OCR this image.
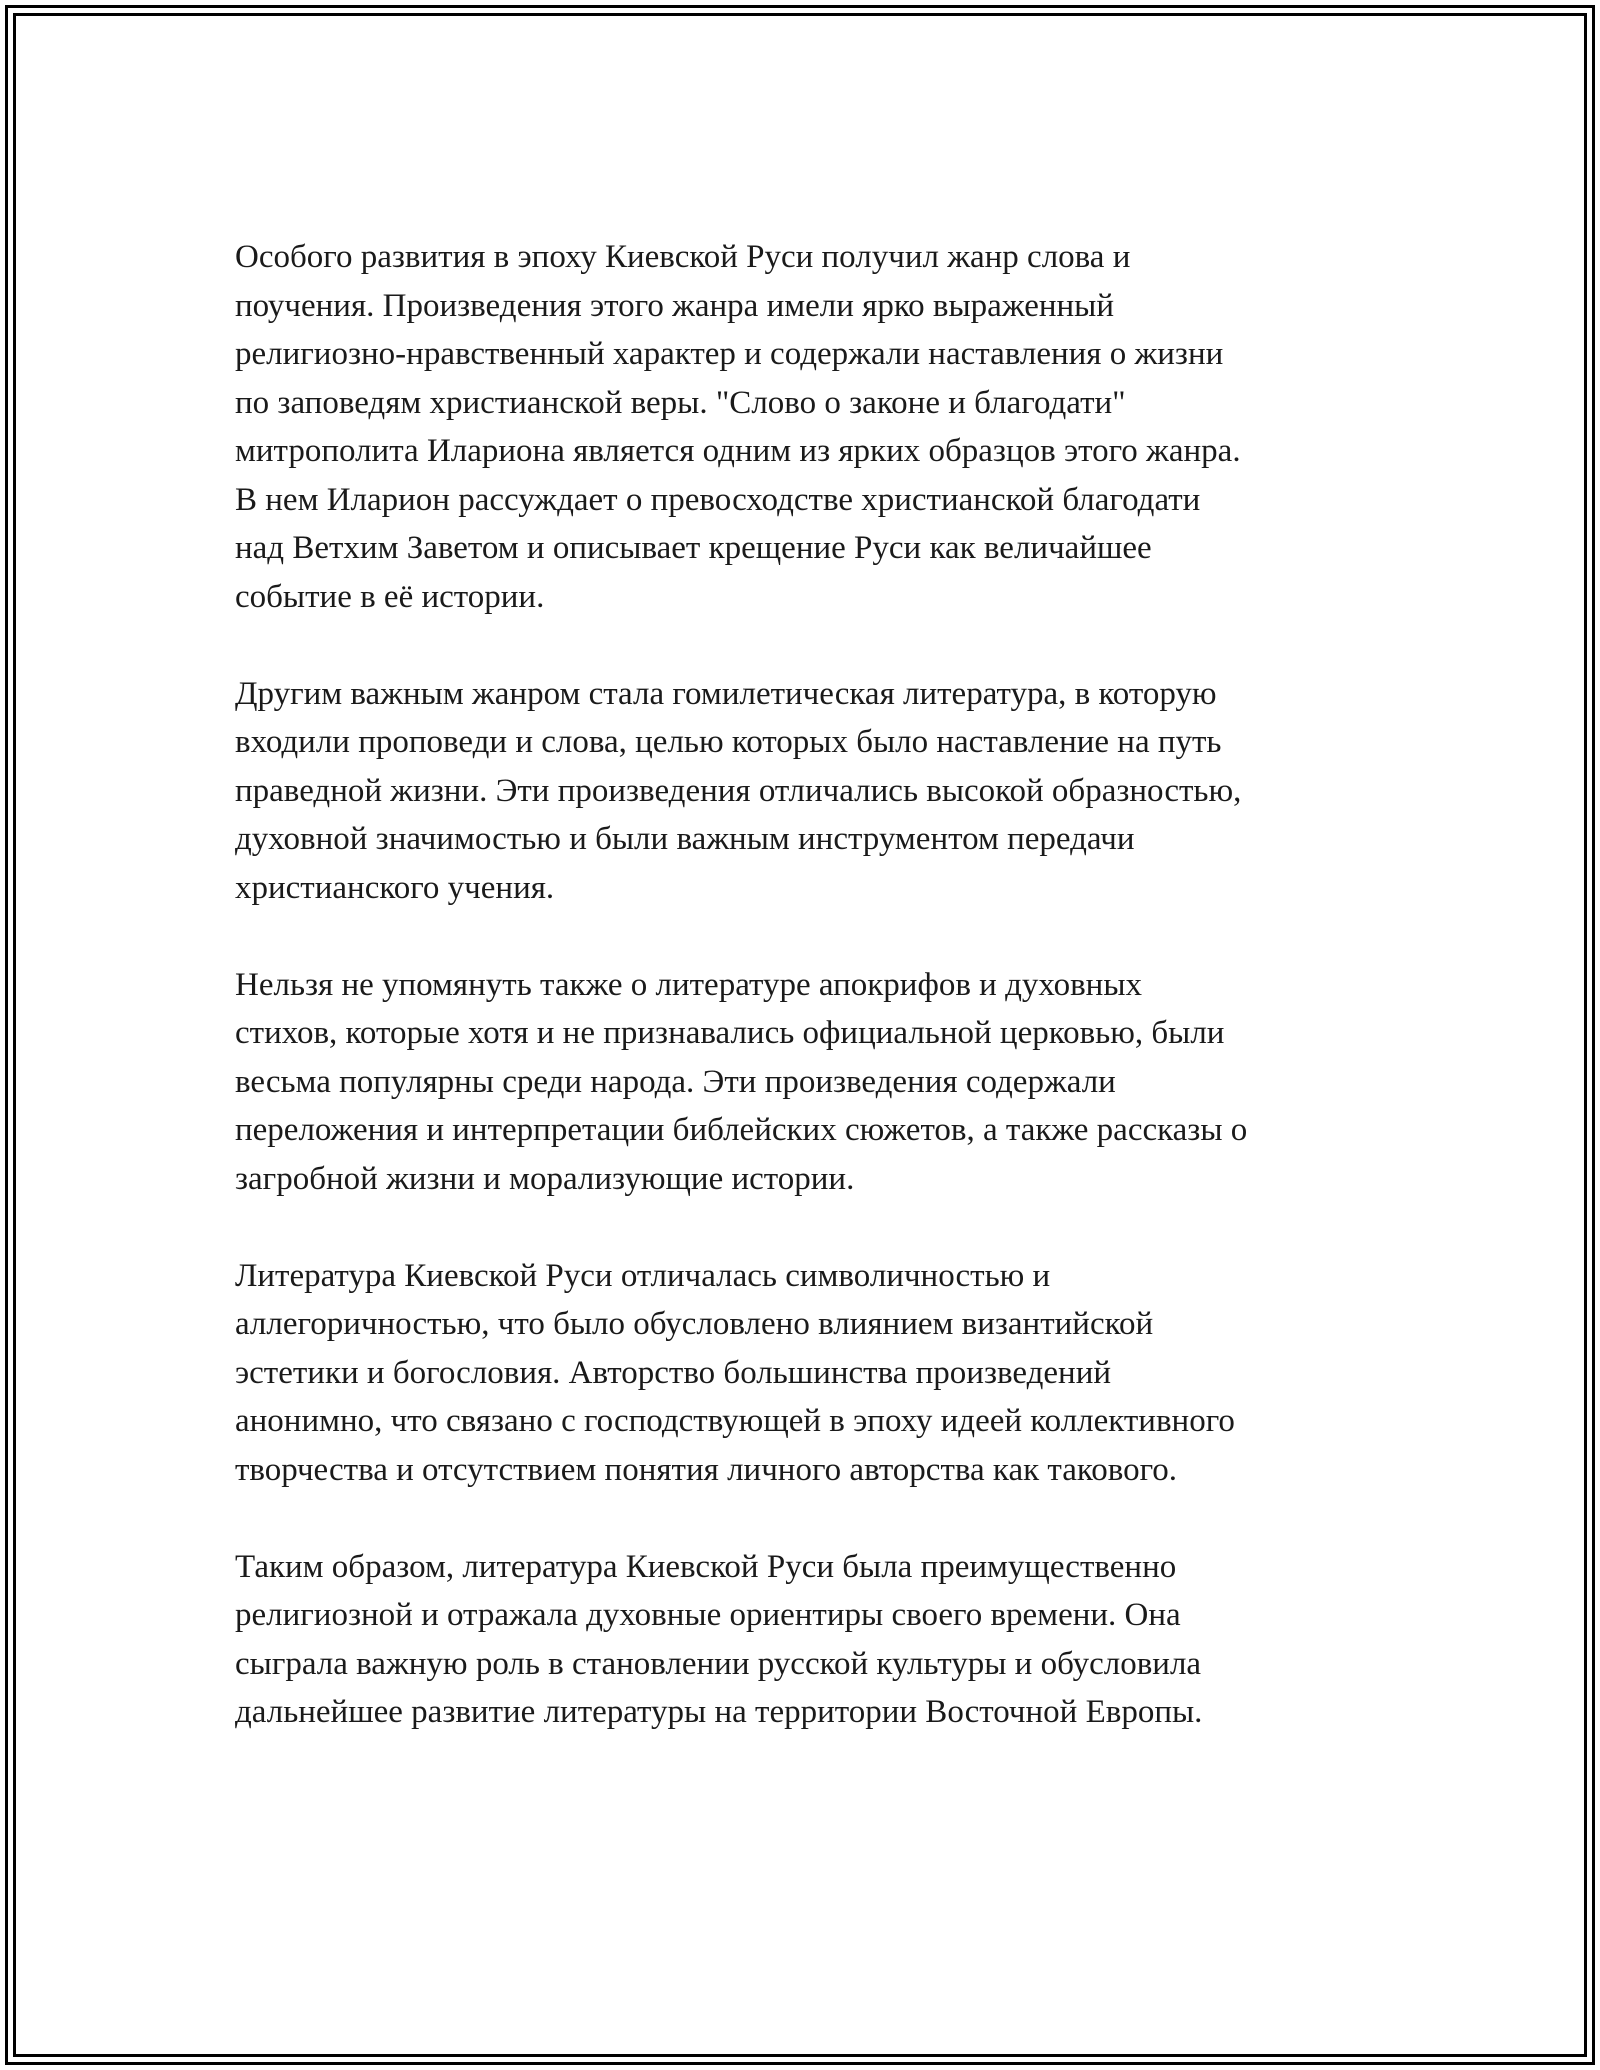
Особого развития в эпоху Киевской Руси получил жанр слова и
поучения. Произведения этого жанра имели ярко выраженный
религиозно-нравственный характер и содержали наставления о жизни
по заповедям христианской веры. "Слово о законе и благодати"
митрополита Илариона является одним из ярких образцов этого жанра.
В нем Иларион рассуждает о превосходстве христианской благодати
над Ветхим Заветом и описывает крещение Руси как величайшее
событие в её истории.

Другим важным жанром стала гомилетическая литература, в которую
входили проповеди и слова, целью которых было наставление на путь
праведной жизни. Эти произведения отличались высокой образностью,
духовной значимостью и были важным инструментом передачи
христианского учения.

Нельзя не упомянуть также о литературе апокрифов и духовных
стихов, которые хотя и не признавались официальной церковью, были
весьма популярны среди народа. Эти произведения содержали
переложения и интерпретации библейских сюжетов, а также рассказы о
загробной жизни и морализующие истории.

Литература Киевской Руси отличалась символичностью и
аллегоричностью, что было обусловлено влиянием византийской
эстетики и богословия. Авторство большинства произведений
анонимно, что связано с господствующей в эпоху идеей коллективного
творчества и отсутствием понятия личного авторства как такового.

Таким образом, литература Киевской Руси была преимущественно
религиозной и отражала духовные ориентиры своего времени. Она
сыграла важную роль в становлении русской культуры и обусловила
дальнейшее развитие литературы на территории Восточной Европы.
